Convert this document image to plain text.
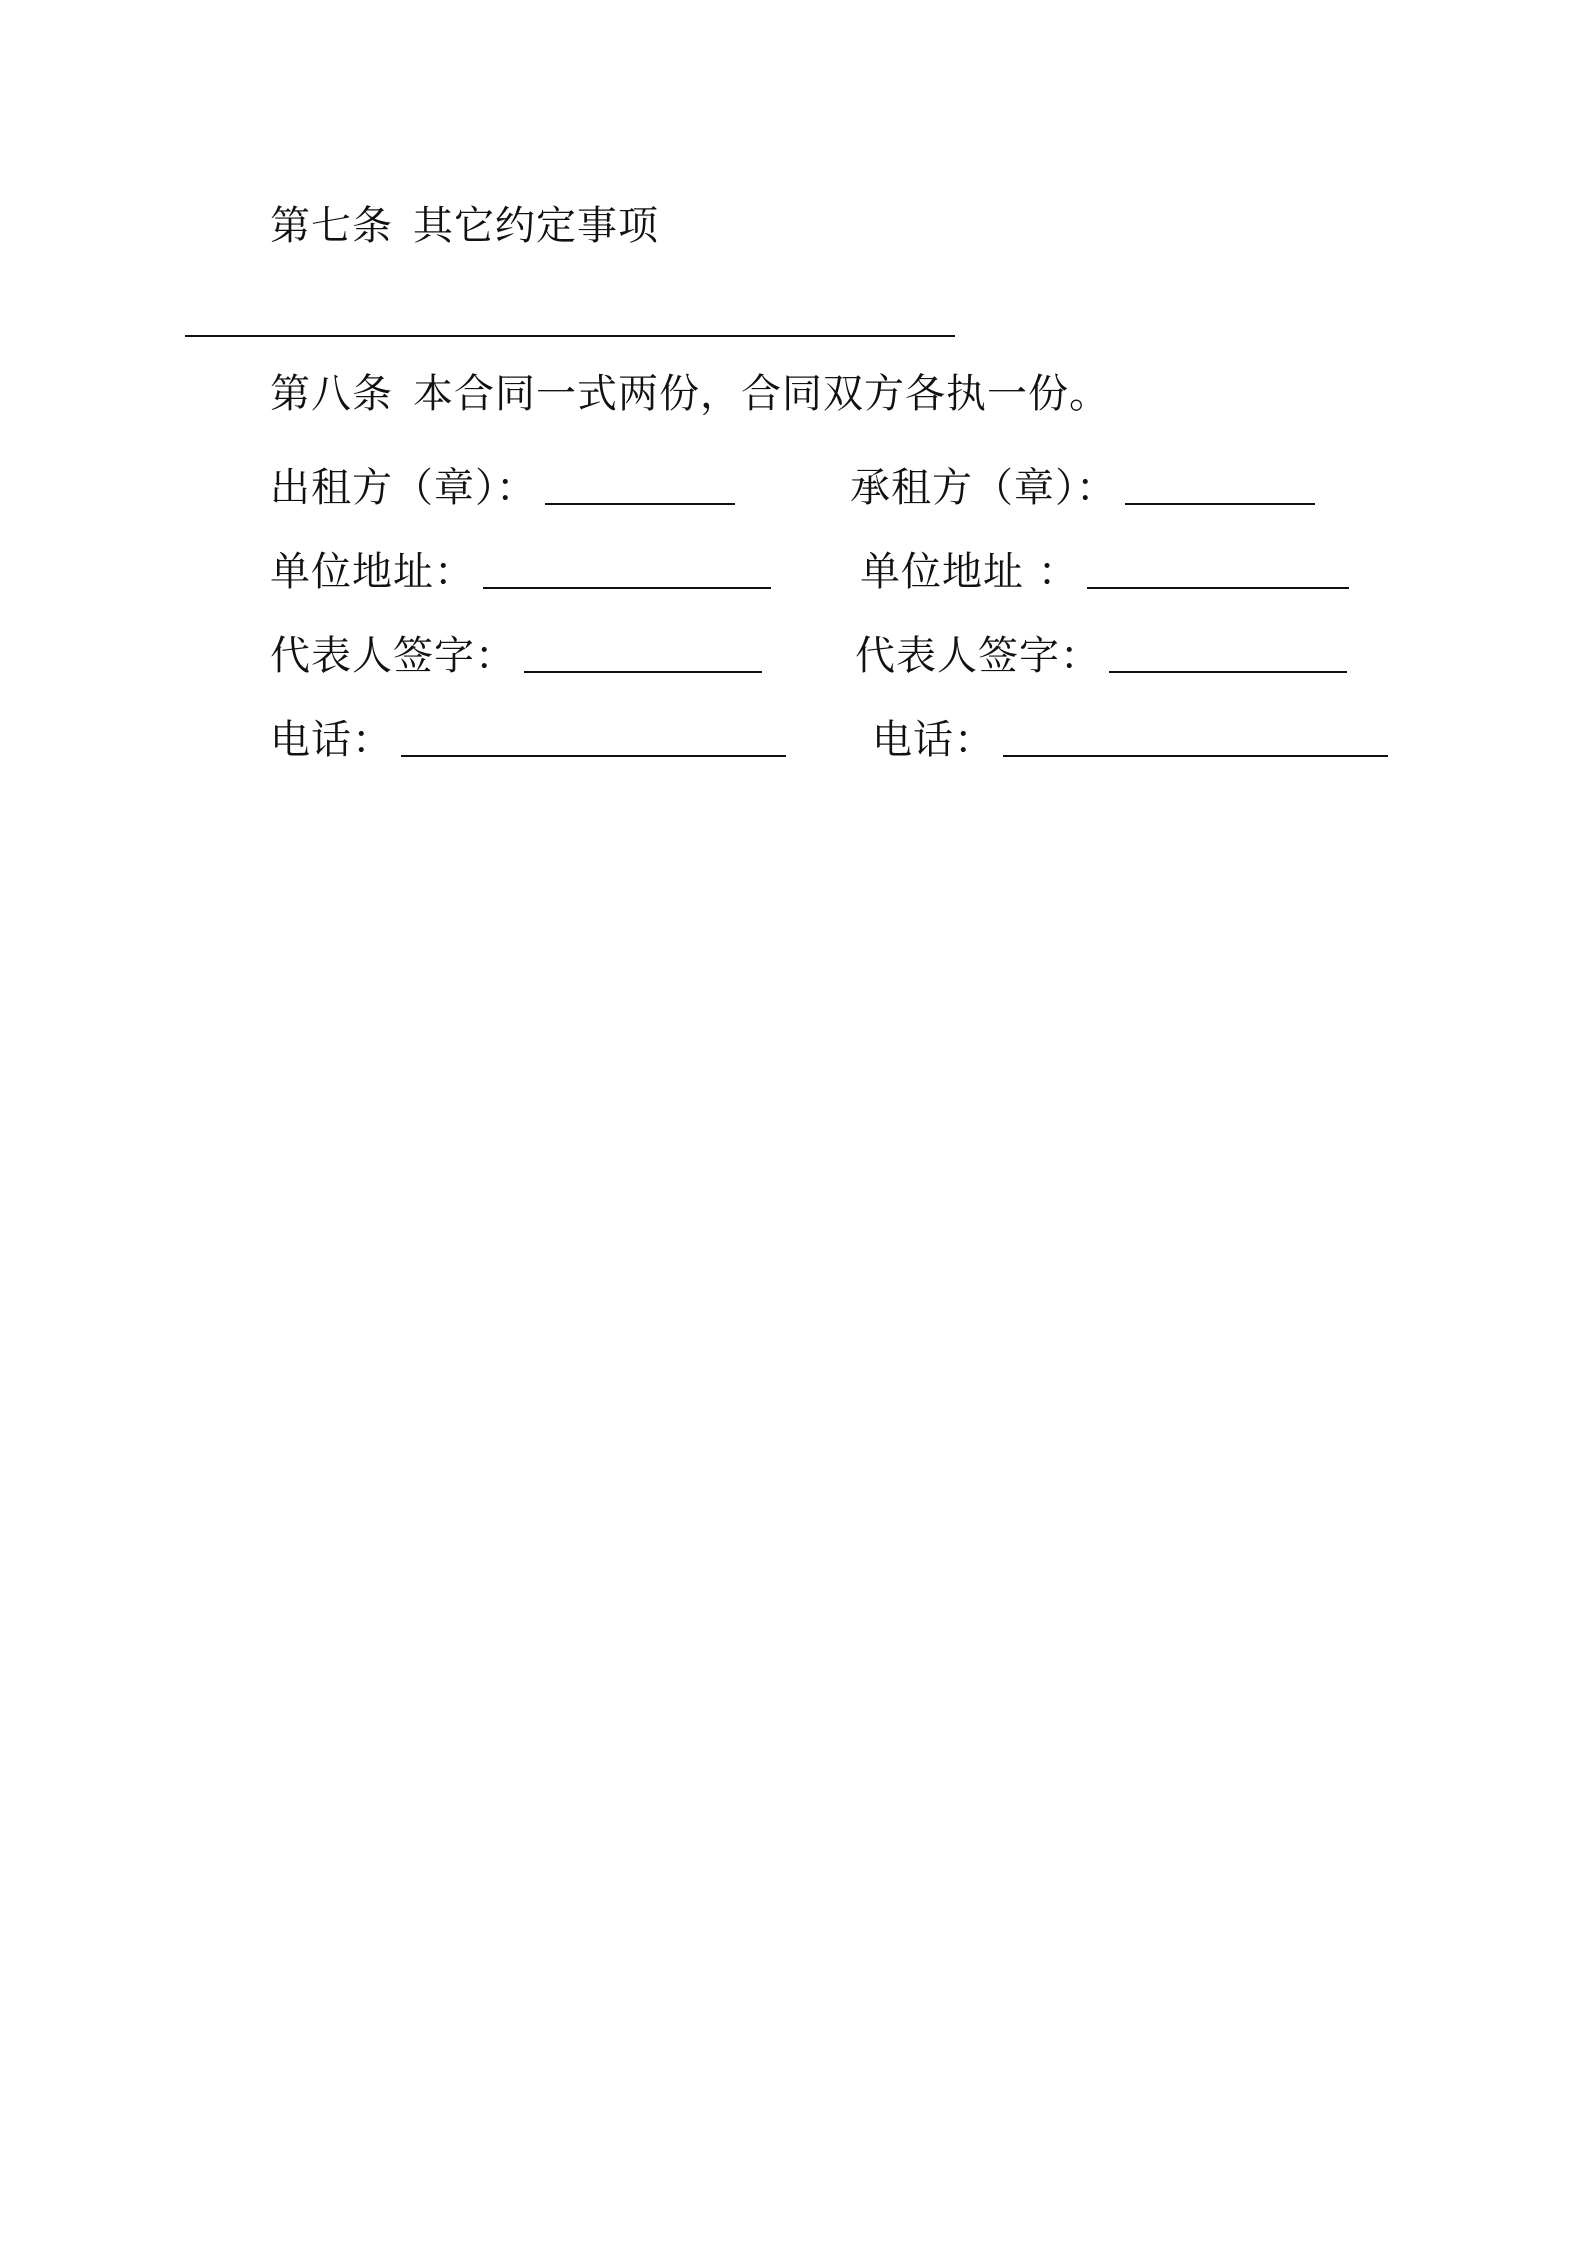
第七条 其它约定事项
第八条 本合同一式两份，合同双方各执一份。
出租方（章）：
单位地址：
代表人签字：
电话：
承租方（章）：
单位地址 ：
代表人签字：
电话：
